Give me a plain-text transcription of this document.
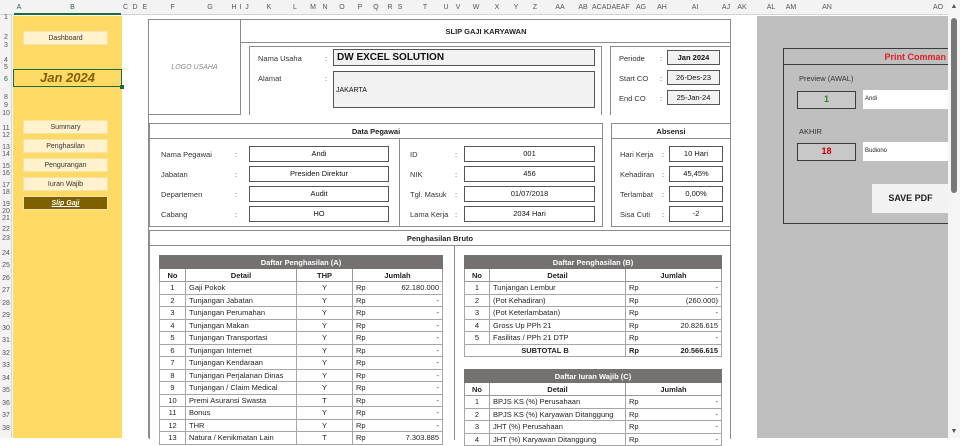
A	B	C D E	F	G	H I J	K	L	M N	O	P	Q	R S	T	U V	W	X	Y	Z	AA	AB ACADAEAF AG	AH	AI	AJ	AK	AL	AM	AN	AO
1
2
3
4
5
6
8
9
10
11
12
13
14
15
16
17
18
19
20
21
22
23
24
25
26
27
28
29
30
31
32
33
34
35
36
37
38
Dashboard
Jan 2024
Summary
Penghasilan
Pengurangan
Iuran Wajib
Slip Gaji
LOGO USAHA
SLIP GAJI KARYAWAN
Nama Usaha	: DW EXCEL SOLUTION
Alamat	:
JAKARTA
Periode :	Jan 2024
Start CO :	26-Des-23
End CO :	25-Jan-24
Data Pegawai
Nama Pegawai	:	Andi
Jabatan	:	Presiden Direktur
Departemen	:	Audit
Cabang	:	HO
ID	:	001
NIK	:	456
Tgl. Masuk :	01/07/2018
Lama Kerja :	2034 Hari
Absensi
Hari Kerja :	10 Hari
Kehadiran :	45,45%
Terlambat :	0,00%
Sisa Cuti :	-2
Penghasilan Bruto
Daftar Penghasilan (A)				
No	Detail	THP	Jumlah	
1	Gaji Pokok	Y	Rp	62.180.000
2	Tunjangan Jabatan	Y	Rp	-
3	Tunjangan Perumahan	Y	Rp	-
4	Tunjangan Makan	Y	Rp	-
5	Tunjangan Transportasi	Y	Rp	-
6	Tunjangan Internet	Y	Rp	-
7	Tunjangan Kendaraan	Y	Rp	-
8	Tunjangan Perjalanan Dinas	Y	Rp	-
9	Tunjangan / Claim Medical	Y	Rp	-
10	Premi Asuransi Swasta	T	Rp	-
11	Bonus	Y	Rp	-
12	THR	Y	Rp	-
13	Natura / Kenikmatan Lain	T	Rp	7.303.885
Daftar Penghasilan (B)			
No	Detail	Jumlah	
1	Tunjangan Lembur	Rp	-
2	(Pot Kehadiran)	Rp	(260.000)
3	(Pot Keterlambatan)	Rp	-
4	Gross Up PPh 21	Rp	20.826.615
5	Fasilitas / PPh 21 DTP	Rp	-
SUBTOTAL B		Rp	20.566.615
Daftar Iuran Wajib (C)			
No	Detail	Jumlah	
1	BPJS KS (%) Perusahaan	Rp	-
2	BPJS KS (%) Karyawan Ditanggung	Rp	-
3	JHT (%) Perusahaan	Rp	-
4	JHT (%) Karyawan Ditanggung	Rp	-
Print Comman
Preview (AWAL)
1	Andi
AKHIR
18	Budiono
SAVE PDF
▲
▼
